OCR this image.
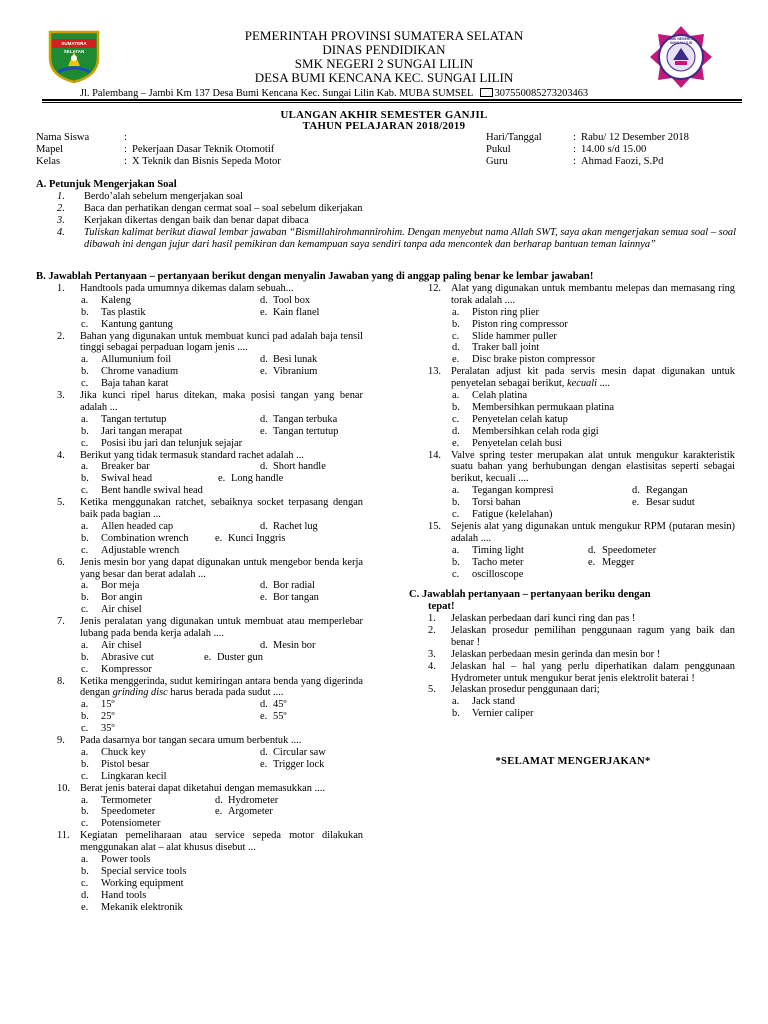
SUMATERA SELATAN
SMK NEGERI 2 SUNGAI LILIN
PEMERINTAH PROVINSI SUMATERA SELATAN
DINAS PENDIDIKAN
SMK NEGERI 2 SUNGAI LILIN
DESA BUMI KENCANA KEC. SUNGAI LILIN
Jl. Palembang – Jambi Km 137 Desa Bumi Kencana Kec. Sungai Lilin Kab. MUBA SUMSEL 307550085273203463
ULANGAN AKHIR SEMESTER GANJIL
TAHUN PELAJARAN 2018/2019
Nama Siswa	:
Mapel	: Pekerjaan Dasar Teknik Otomotif
Kelas	: X Teknik dan Bisnis Sepeda Motor
Hari/Tanggal	: Rabu/ 12 Desember 2018
Pukul	: 14.00 s/d 15.00
Guru	: Ahmad Faozi, S.Pd
A. Petunjuk Mengerjakan Soal
1. Berdo’alah sebelum mengerjakan soal
2. Baca dan perhatikan dengan cermat soal – soal sebelum dikerjakan
3. Kerjakan dikertas dengan baik dan benar dapat dibaca
4. Tuliskan kalimat berikut diawal lembar jawaban “Bismillahirohmannirohim. Dengan menyebut nama Allah SWT, saya akan mengerjakan semua soal – soal dibawah ini dengan jujur dari hasil pemikiran dan kemampuan saya sendiri tanpa ada mencontek dan berharap bantuan teman lainnya”
B. Jawablah Pertanyaan – pertanyaan berikut dengan menyalin Jawaban yang di anggap paling benar ke lembar jawaban!
1. Handtools pada umumnya dikemas dalam sebuah...
a. Kaleng	d. Tool box
b. Tas plastik	e. Kain flanel
c. Kantung gantung
2. Bahan yang digunakan untuk membuat kunci pad adalah baja tensil tinggi sebagai perpaduan logam jenis ....
a. Allumunium foil	d. Besi lunak
b. Chrome vanadium	e. Vibranium
c. Baja tahan karat
3. Jika kunci ripel harus ditekan, maka posisi tangan yang benar adalah ...
a. Tangan tertutup	d. Tangan terbuka
b. Jari tangan merapat	e. Tangan tertutup
c. Posisi ibu jari dan telunjuk sejajar
4. Berikut yang tidak termasuk standard rachet adalah ...
a. Breaker bar	d. Short handle
b. Swival head	e. Long handle
c. Bent handle swival head
5. Ketika menggunakan ratchet, sebaiknya socket terpasang dengan baik pada bagian ...
a. Allen headed cap	d. Rachet lug
b. Combination wrench	e. Kunci Inggris
c. Adjustable wrench
6. Jenis mesin bor yang dapat digunakan untuk mengebor benda kerja yang besar dan berat adalah ...
a. Bor meja	d. Bor radial
b. Bor angin	e. Bor tangan
c. Air chisel
7. Jenis peralatan yang digunakan untuk membuat atau memperlebar lubang pada benda kerja adalah ....
a. Air chisel	d. Mesin bor
b. Abrasive cut	e. Duster gun
c. Kompressor
8. Ketika menggerinda, sudut kemiringan antara benda yang digerinda dengan grinding disc harus berada pada sudut ....
a. 15º	d. 45º
b. 25º	e. 55º
c. 35º
9. Pada dasarnya bor tangan secara umum berbentuk ....
a. Chuck key	d. Circular saw
b. Pistol besar	e. Trigger lock
c. Lingkaran kecil
10. Berat jenis baterai dapat diketahui dengan memasukkan ....
a. Termometer	d. Hydrometer
b. Speedometer	e. Argometer
c. Potensiometer
11. Kegiatan pemeliharaan atau service sepeda motor dilakukan menggunakan alat – alat khusus disebut ...
a. Power tools
b. Special service tools
c. Working equipment
d. Hand tools
e. Mekanik elektronik
12. Alat yang digunakan untuk membantu melepas dan memasang ring torak adalah ....
a. Piston ring plier
b. Piston ring compressor
c. Slide hammer puller
d. Traker ball joint
e. Disc brake piston compressor
13. Peralatan adjust kit pada servis mesin dapat digunakan untuk penyetelan sebagai berikut, kecuali ....
a. Celah platina
b. Membersihkan permukaan platina
c. Penyetelan celah katup
d. Membersihkan celah roda gigi
e. Penyetelan celah busi
14. Valve spring tester merupakan alat untuk mengukur karakteristik suatu bahan yang berhubungan dengan elastisitas seperti sebagai berikut, kecuali ....
a. Tegangan kompresi	d. Regangan
b. Torsi bahan	e. Besar sudut
c. Fatigue (kelelahan)
15. Sejenis alat yang digunakan untuk mengukur RPM (putaran mesin) adalah ....
a. Timing light	d. Speedometer
b. Tacho meter	e. Megger
c. oscilloscope
C. Jawablah pertanyaan – pertanyaan beriku dengan
tepat!
1. Jelaskan perbedaan dari kunci ring dan pas !
2. Jelaskan prosedur pemilihan penggunaan ragum yang baik dan benar !
3. Jelaskan perbedaan mesin gerinda dan mesin bor !
4. Jelaskan hal – hal yang perlu diperhatikan dalam penggunaan Hydrometer untuk mengukur berat jenis elektrolit baterai !
5. Jelaskan prosedur penggunaan dari;
a. Jack stand
b. Vernier caliper
*SELAMAT MENGERJAKAN*
